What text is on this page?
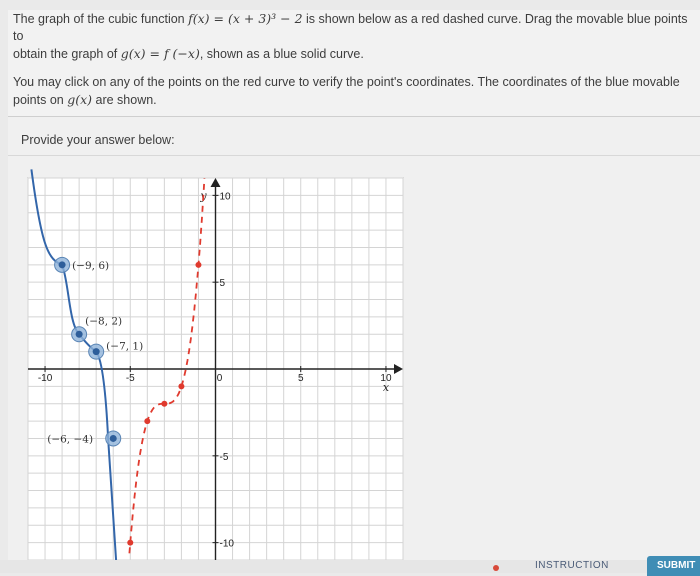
The graph of the cubic function f(x) = (x + 3)³ − 2 is shown below as a red dashed curve. Drag the movable blue points to
obtain the graph of g(x) = f (−x), shown as a blue solid curve.

You may click on any of the points on the red curve to verify the point's coordinates. The coordinates of the blue movable
points on g(x) are shown.

Provide your answer below:
-10	-5	0	5	10
10
5
-5
-10
x
y
(−9, 6)
(−8, 2)
(−7, 1)
(−6, −4)
INSTRUCTION	SUBMIT
